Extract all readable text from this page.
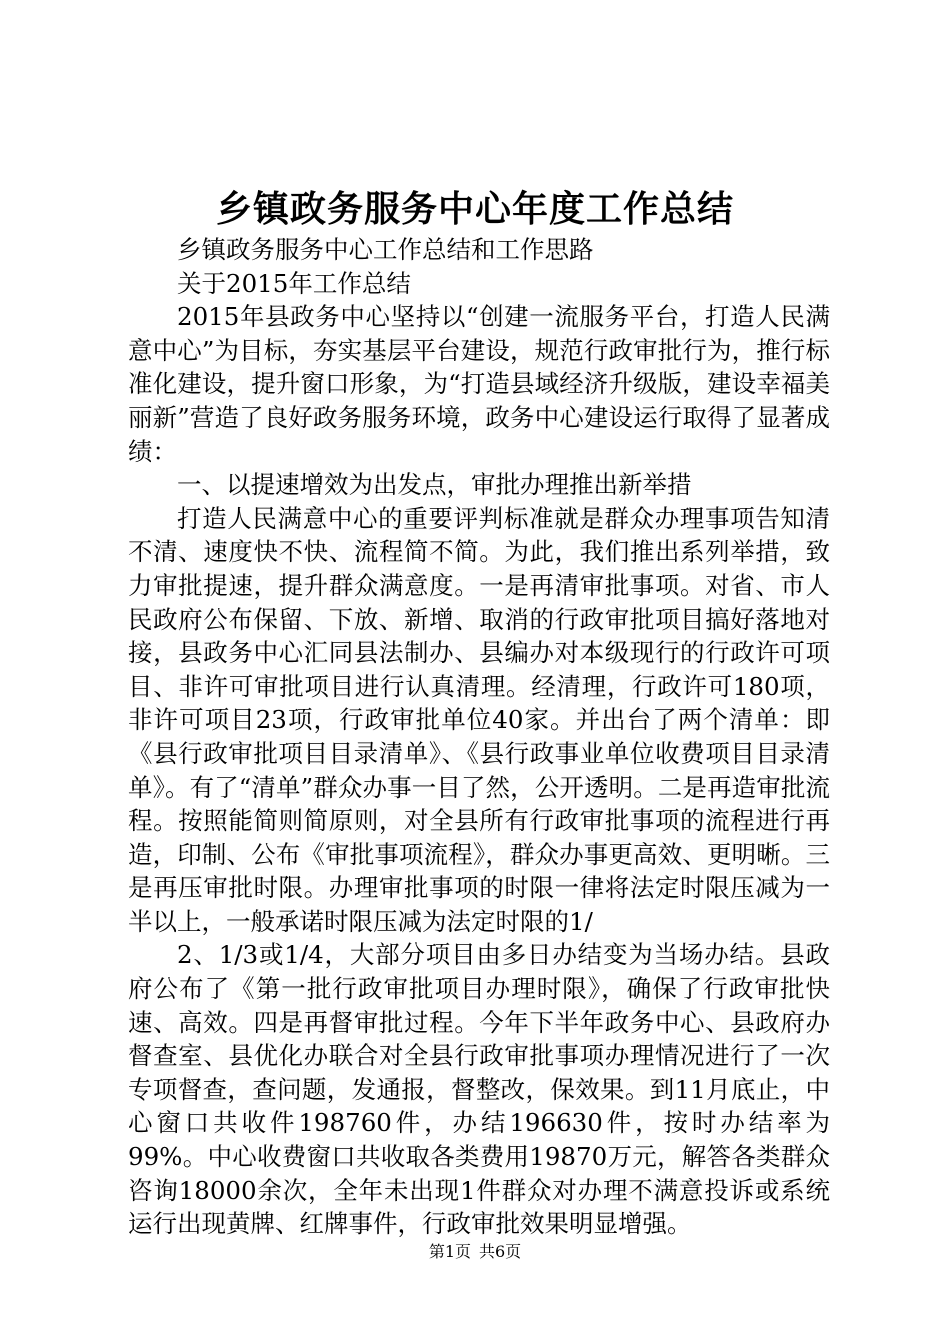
乡镇政务服务中心年度工作总结

乡镇政务服务中心工作总结和工作思路

关于2015年工作总结

2015年县政务中心坚持以“创建一流服务平台，打造人民满意中心”为目标，夯实基层平台建设，规范行政审批行为，推行标准化建设，提升窗口形象，为“打造县域经济升级版，建设幸福美丽新”营造了良好政务服务环境，政务中心建设运行取得了显著成绩：

一、以提速增效为出发点，审批办理推出新举措

打造人民满意中心的重要评判标准就是群众办理事项告知清不清、速度快不快、流程简不简。为此，我们推出系列举措，致力审批提速，提升群众满意度。一是再清审批事项。对省、市人民政府公布保留、下放、新增、取消的行政审批项目搞好落地对接，县政务中心汇同县法制办、县编办对本级现行的行政许可项目、非许可审批项目进行认真清理。经清理，行政许可180项，非许可项目23项，行政审批单位40家。并出台了两个清单：即《县行政审批项目目录清单》、《县行政事业单位收费项目目录清单》。有了“清单”群众办事一目了然，公开透明。二是再造审批流程。按照能简则简原则，对全县所有行政审批事项的流程进行再造，印制、公布《审批事项流程》，群众办事更高效、更明晰。三是再压审批时限。办理审批事项的时限一律将法定时限压减为一半以上，一般承诺时限压减为法定时限的1/

2、1/3或1/4，大部分项目由多日办结变为当场办结。县政府公布了《第一批行政审批项目办理时限》，确保了行政审批快速、高效。四是再督审批过程。今年下半年政务中心、县政府办督查室、县优化办联合对全县行政审批事项办理情况进行了一次专项督查，查问题，发通报，督整改，保效果。到11月底止，中心窗口共收件198760件，办结196630件，按时办结率为99%。中心收费窗口共收取各类费用19870万元，解答各类群众咨询18000余次，全年未出现1件群众对办理不满意投诉或系统运行出现黄牌、红牌事件，行政审批效果明显增强。

第1页 共6页
